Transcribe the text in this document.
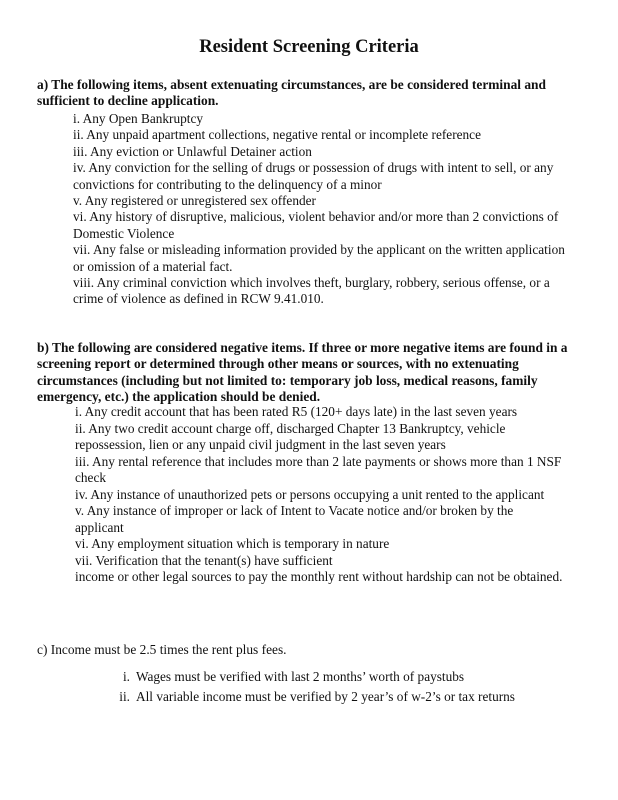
Resident Screening Criteria
a) The following items, absent extenuating circumstances, are be considered terminal and sufficient to decline application.
i. Any Open Bankruptcy
ii. Any unpaid apartment collections, negative rental or incomplete reference
iii. Any eviction or Unlawful Detainer action
iv. Any conviction for the selling of drugs or possession of drugs with intent to sell, or any convictions for contributing to the delinquency of a minor
v. Any registered or unregistered sex offender
vi. Any history of disruptive, malicious, violent behavior and/or more than 2 convictions of Domestic Violence
vii. Any false or misleading information provided by the applicant on the written application or omission of a material fact.
viii. Any criminal conviction which involves theft, burglary, robbery, serious offense, or a crime of violence as defined in RCW 9.41.010.
b) The following are considered negative items. If three or more negative items are found in a screening report or determined through other means or sources, with no extenuating circumstances (including but not limited to: temporary job loss, medical reasons, family emergency, etc.) the application should be denied.
i. Any credit account that has been rated R5 (120+ days late) in the last seven years
ii. Any two credit account charge off, discharged Chapter 13 Bankruptcy, vehicle repossession, lien or any unpaid civil judgment in the last seven years
iii. Any rental reference that includes more than 2 late payments or shows more than 1 NSF check
iv. Any instance of unauthorized pets or persons occupying a unit rented to the applicant
v. Any instance of improper or lack of Intent to Vacate notice and/or broken by the applicant
vi. Any employment situation which is temporary in nature
vii. Verification that the tenant(s) have sufficient
income or other legal sources to pay the monthly rent without hardship can not be obtained.
c) Income must be 2.5 times the rent plus fees.
i. Wages must be verified with last 2 months’ worth of paystubs
ii. All variable income must be verified by 2 year’s of w-2’s or tax returns
